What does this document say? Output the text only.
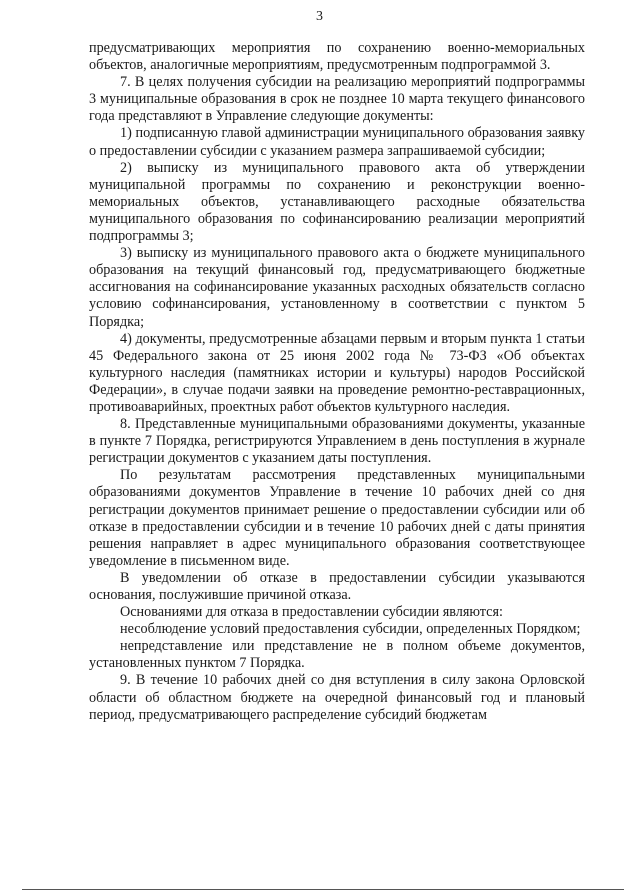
3

предусматривающих мероприятия по сохранению военно-мемориальных объектов, аналогичные мероприятиям, предусмотренным подпрограммой 3.

7. В целях получения субсидии на реализацию мероприятий подпрограммы 3 муниципальные образования в срок не позднее 10 марта текущего финансового года представляют в Управление следующие документы:

1) подписанную главой администрации муниципального образования заявку о предоставлении субсидии с указанием размера запрашиваемой субсидии;

2) выписку из муниципального правового акта об утверждении муниципальной программы по сохранению и реконструкции военно-мемориальных объектов, устанавливающего расходные обязательства муниципального образования по софинансированию реализации мероприятий подпрограммы 3;

3) выписку из муниципального правового акта о бюджете муниципального образования на текущий финансовый год, предусматривающего бюджетные ассигнования на софинансирование указанных расходных обязательств согласно условию софинансирования, установленному в соответствии с пунктом 5 Порядка;

4) документы, предусмотренные абзацами первым и вторым пункта 1 статьи 45 Федерального закона от 25 июня 2002 года № 73-ФЗ «Об объектах культурного наследия (памятниках истории и культуры) народов Российской Федерации», в случае подачи заявки на проведение ремонтно-реставрационных, противоаварийных, проектных работ объектов культурного наследия.

8. Представленные муниципальными образованиями документы, указанные в пункте 7 Порядка, регистрируются Управлением в день поступления в журнале регистрации документов с указанием даты поступления.

По результатам рассмотрения представленных муниципальными образованиями документов Управление в течение 10 рабочих дней со дня регистрации документов принимает решение о предоставлении субсидии или об отказе в предоставлении субсидии и в течение 10 рабочих дней с даты принятия решения направляет в адрес муниципального образования соответствующее уведомление в письменном виде.

В уведомлении об отказе в предоставлении субсидии указываются основания, послужившие причиной отказа.

Основаниями для отказа в предоставлении субсидии являются:

несоблюдение условий предоставления субсидии, определенных Порядком;

непредставление или представление не в полном объеме документов, установленных пунктом 7 Порядка.

9. В течение 10 рабочих дней со дня вступления в силу закона Орловской области об областном бюджете на очередной финансовый год и плановый период, предусматривающего распределение субсидий бюджетам
